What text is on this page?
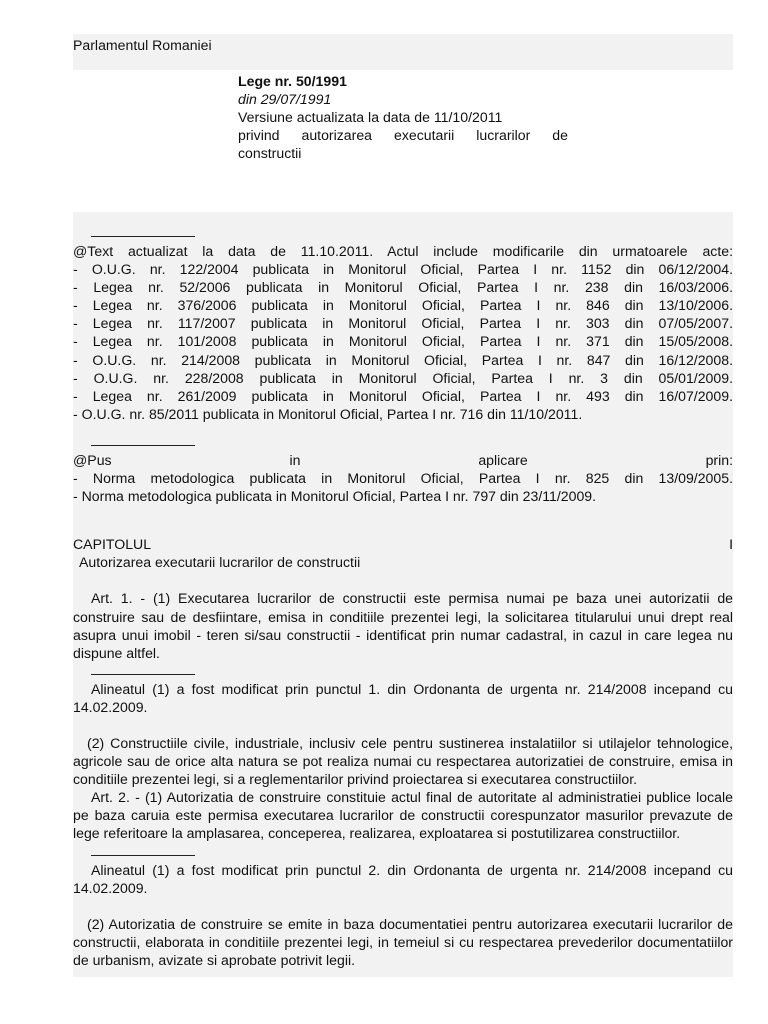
Parlamentul Romaniei
Lege nr. 50/1991
din 29/07/1991
Versiune actualizata la data de 11/10/2011
privind autorizarea executarii lucrarilor de
constructii
@Text actualizat la data de 11.10.2011. Actul include modificarile din urmatoarele acte:
- O.U.G. nr. 122/2004 publicata in Monitorul Oficial, Partea I nr. 1152 din 06/12/2004.
- Legea nr. 52/2006 publicata in Monitorul Oficial, Partea I nr. 238 din 16/03/2006.
- Legea nr. 376/2006 publicata in Monitorul Oficial, Partea I nr. 846 din 13/10/2006.
- Legea nr. 117/2007 publicata in Monitorul Oficial, Partea I nr. 303 din 07/05/2007.
- Legea nr. 101/2008 publicata in Monitorul Oficial, Partea I nr. 371 din 15/05/2008.
- O.U.G. nr. 214/2008 publicata in Monitorul Oficial, Partea I nr. 847 din 16/12/2008.
- O.U.G. nr. 228/2008 publicata in Monitorul Oficial, Partea I nr. 3 din 05/01/2009.
- Legea nr. 261/2009 publicata in Monitorul Oficial, Partea I nr. 493 din 16/07/2009.
- O.U.G. nr. 85/2011 publicata in Monitorul Oficial, Partea I nr. 716 din 11/10/2011.
@Pus	in	aplicare	prin:
- Norma metodologica publicata in Monitorul Oficial, Partea I nr. 825 din 13/09/2005.
- Norma metodologica publicata in Monitorul Oficial, Partea I nr. 797 din 23/11/2009.
CAPITOLUL	I
Autorizarea executarii lucrarilor de constructii
Art. 1. - (1) Executarea lucrarilor de constructii este permisa numai pe baza unei autorizatii de construire sau de desfiintare, emisa in conditiile prezentei legi, la solicitarea titularului unui drept real asupra unui imobil - teren si/sau constructii - identificat prin numar cadastral, in cazul in care legea nu dispune altfel.
Alineatul (1) a fost modificat prin punctul 1. din Ordonanta de urgenta nr. 214/2008 incepand cu 14.02.2009.
(2) Constructiile civile, industriale, inclusiv cele pentru sustinerea instalatiilor si utilajelor tehnologice, agricole sau de orice alta natura se pot realiza numai cu respectarea autorizatiei de construire, emisa in conditiile prezentei legi, si a reglementarilor privind proiectarea si executarea constructiilor.
Art. 2. - (1) Autorizatia de construire constituie actul final de autoritate al administratiei publice locale pe baza caruia este permisa executarea lucrarilor de constructii corespunzator masurilor prevazute de lege referitoare la amplasarea, conceperea, realizarea, exploatarea si postutilizarea constructiilor.
Alineatul (1) a fost modificat prin punctul 2. din Ordonanta de urgenta nr. 214/2008 incepand cu 14.02.2009.
(2) Autorizatia de construire se emite in baza documentatiei pentru autorizarea executarii lucrarilor de constructii, elaborata in conditiile prezentei legi, in temeiul si cu respectarea prevederilor documentatiilor de urbanism, avizate si aprobate potrivit legii.
